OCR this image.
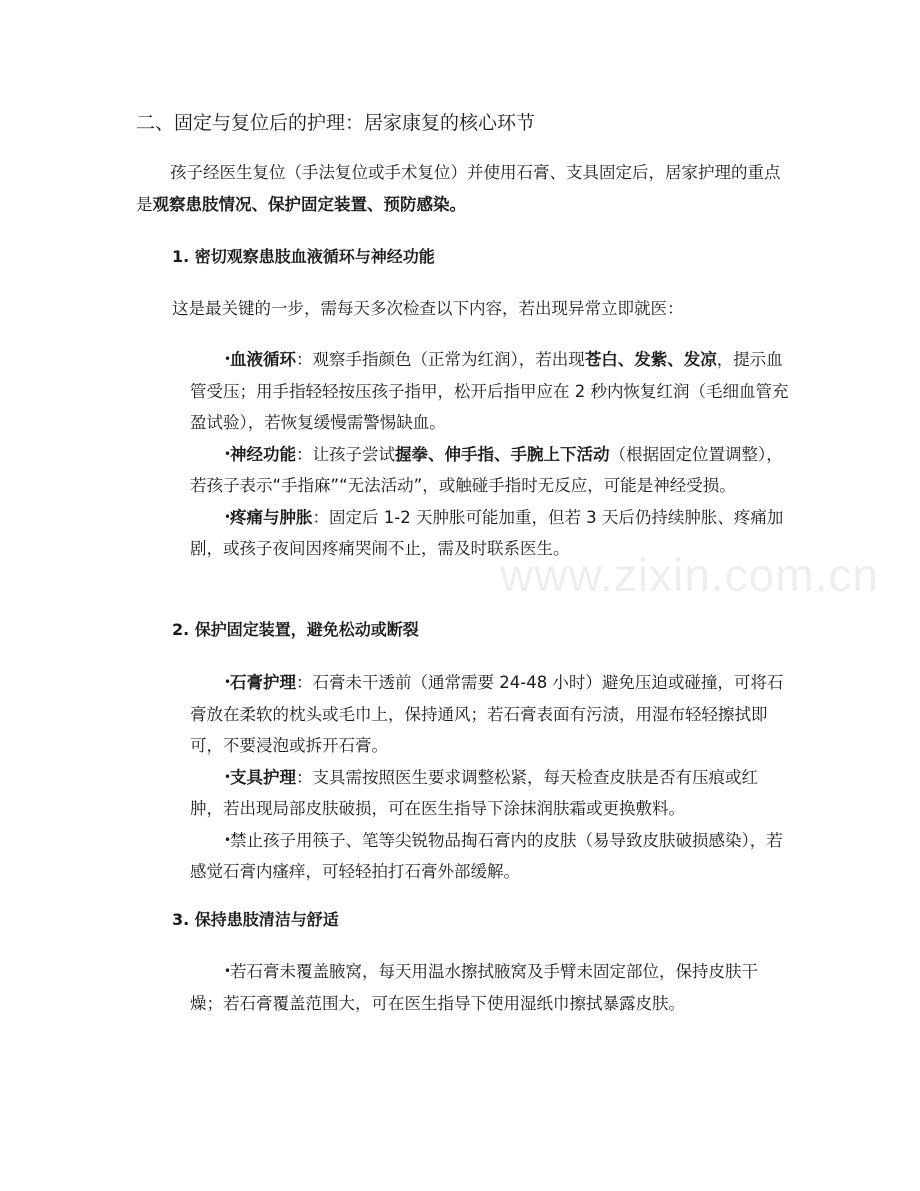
www.zixin.com.cn
二、固定与复位后的护理：居家康复的核心环节

孩子经医生复位（手法复位或手术复位）并使用石膏、支具固定后，居家护理的重点是观察患肢情况、保护固定装置、预防感染。

1. 密切观察患肢血液循环与神经功能

这是最关键的一步，需每天多次检查以下内容，若出现异常立即就医：

•
血液循环：观察手指颜色（正常为红润），若出现苍白、发紫、发凉，提示血管受压；用手指轻轻按压孩子指甲，松开后指甲应在 2 秒内恢复红润（毛细血管充盈试验），若恢复缓慢需警惕缺血。
•
神经功能：让孩子尝试握拳、伸手指、手腕上下活动（根据固定位置调整），若孩子表示“手指麻”“无法活动”，或触碰手指时无反应，可能是神经受损。
•
疼痛与肿胀：固定后 1-2 天肿胀可能加重，但若 3 天后仍持续肿胀、疼痛加剧，或孩子夜间因疼痛哭闹不止，需及时联系医生。

2. 保护固定装置，避免松动或断裂

•
石膏护理：石膏未干透前（通常需要 24-48 小时）避免压迫或碰撞，可将石膏放在柔软的枕头或毛巾上，保持通风；若石膏表面有污渍，用湿布轻轻擦拭即可，不要浸泡或拆开石膏。
•
支具护理：支具需按照医生要求调整松紧，每天检查皮肤是否有压痕或红肿，若出现局部皮肤破损，可在医生指导下涂抹润肤霜或更换敷料。
•
禁止孩子用筷子、笔等尖锐物品掏石膏内的皮肤（易导致皮肤破损感染），若感觉石膏内瘙痒，可轻轻拍打石膏外部缓解。

3. 保持患肢清洁与舒适

•
若石膏未覆盖腋窝，每天用温水擦拭腋窝及手臂未固定部位，保持皮肤干燥；若石膏覆盖范围大，可在医生指导下使用湿纸巾擦拭暴露皮肤。
